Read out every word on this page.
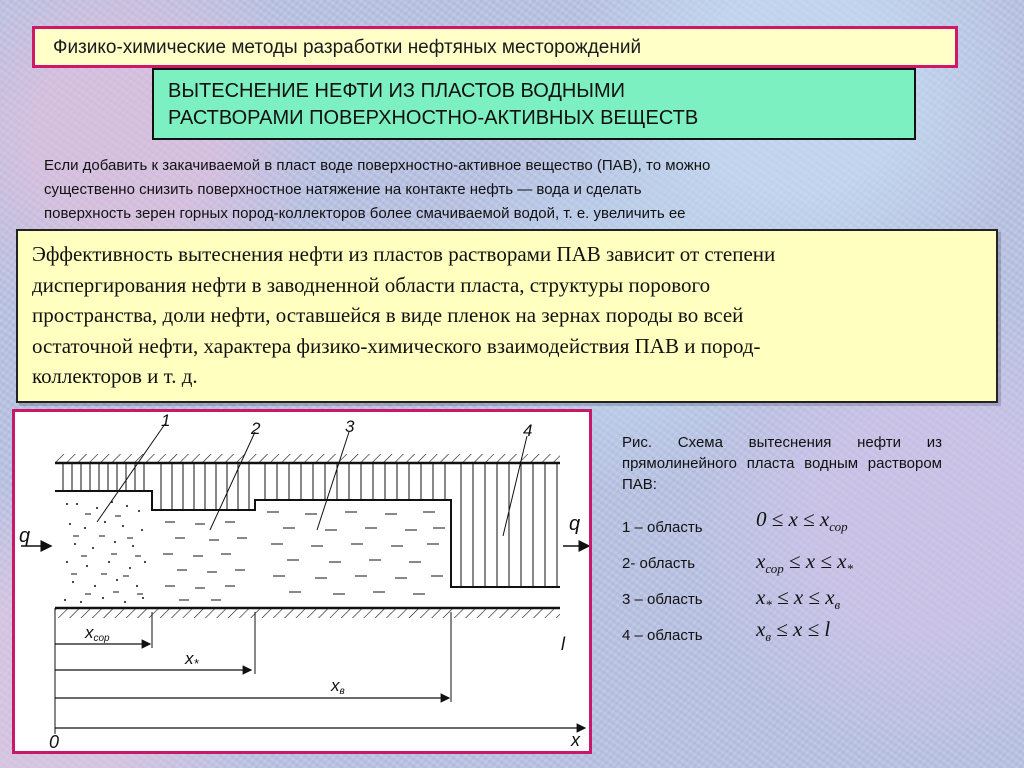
Физико-химические методы разработки нефтяных месторождений
ВЫТЕСНЕНИЕ НЕФТИ ИЗ ПЛАСТОВ ВОДНЫМИ
РАСТВОРАМИ ПОВЕРХНОСТНО-АКТИВНЫХ ВЕЩЕСТВ
Если добавить к закачиваемой в пласт воде поверхностно-активное вещество (ПАВ), то можно
существенно снизить поверхностное натяжение на контакте нефть — вода и сделать
поверхность зерен горных пород-коллекторов более смачиваемой водой, т. е. увеличить ее
Эффективность вытеснения нефти из пластов растворами ПАВ зависит от степени
диспергирования нефти в заводненной области пласта, структуры порового
пространства, доли нефти, оставшейся в виде пленок на зернах породы во всей
остаточной нефти, характера физико-химического взаимодействия ПАВ и пород-
коллекторов и т. д.
1	2	3	4
q
q
xсор
$x_*$
xв
l
0	x
Рис. Схема вытеснения нефти из прямолинейного пласта водным раствором ПАВ:
1 – область	$0 \le x \le x_{сор}$
2- область	$x_{сор} \le x \le x_*$
3 – область	$x_* \le x \le x_в$
4 – область	$x_в \le x \le l$
